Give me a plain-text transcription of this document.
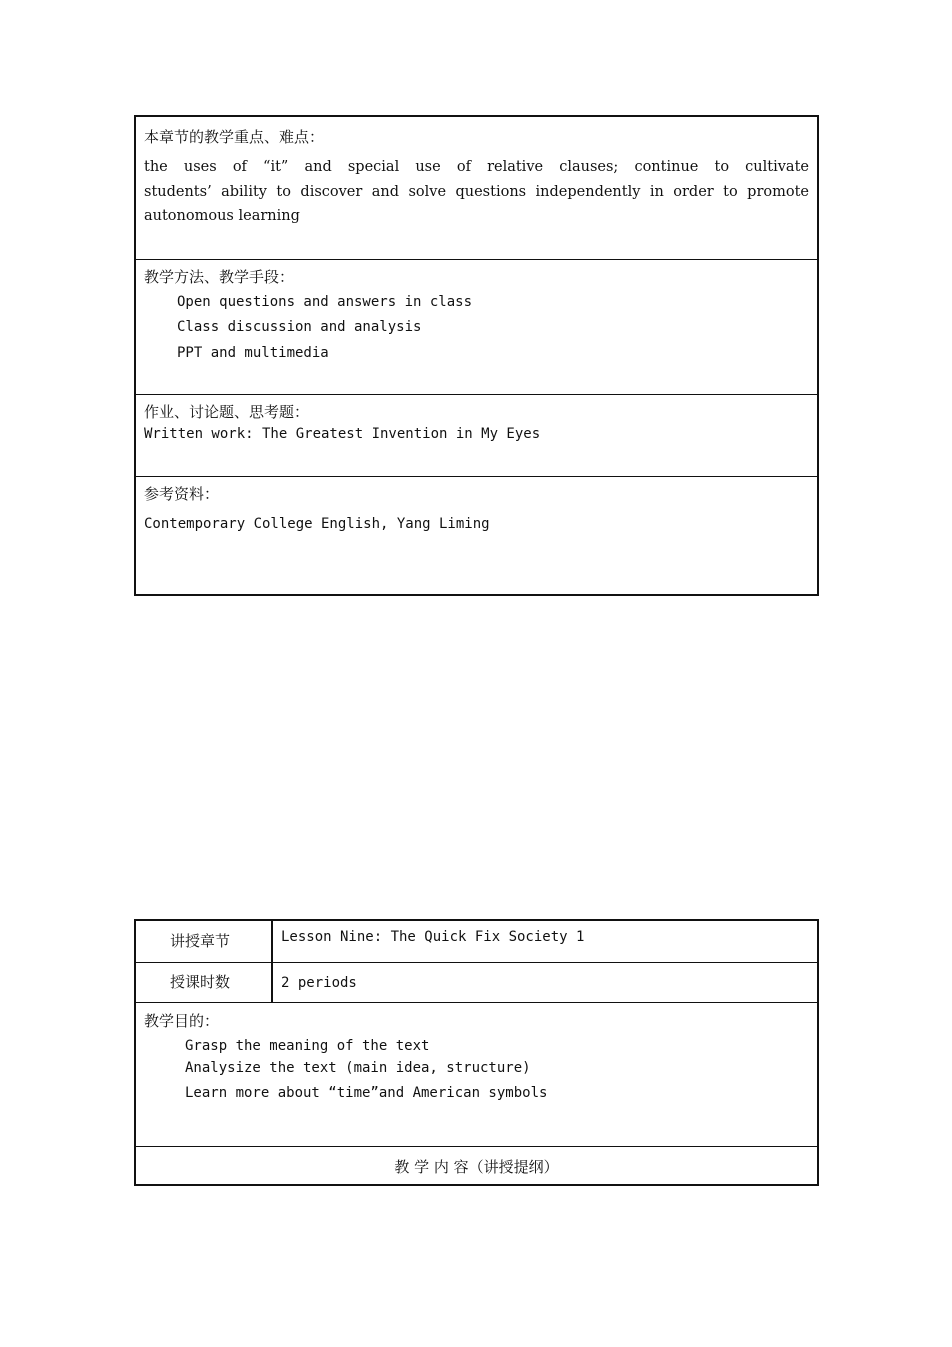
本章节的教学重点、难点：
the uses of “it” and special use of relative clauses; continue to cultivate
students’ ability to discover and solve questions independently in order to promote
autonomous learning
教学方法、教学手段：
Open questions and answers in class
Class discussion and analysis
PPT and multimedia
作业、讨论题、思考题：
Written work: The Greatest Invention in My Eyes
参考资料：
Contemporary College English, Yang Liming
讲授章节	Lesson Nine: The Quick Fix Society 1
授课时数	2 periods
教学目的：
Grasp the meaning of the text
Analysize the text (main idea, structure)
Learn more about “time”and American symbols
教 学 内 容（讲授提纲）
